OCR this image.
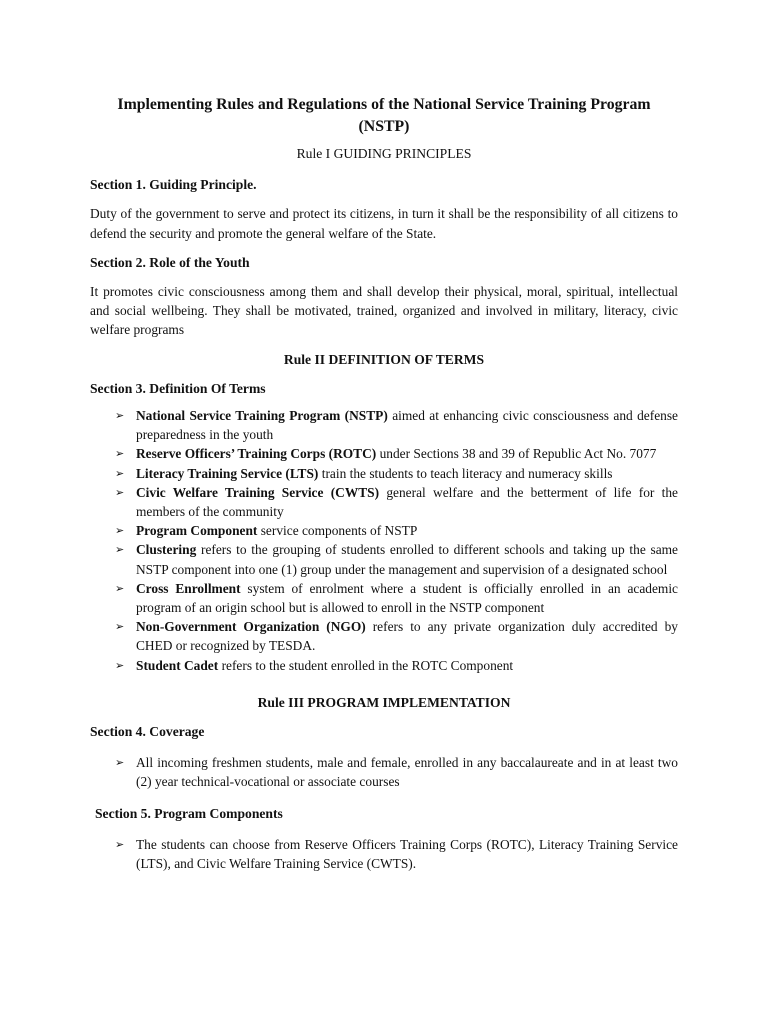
Implementing Rules and Regulations of the National Service Training Program (NSTP)

Rule I GUIDING PRINCIPLES

Section 1. Guiding Principle.

Duty of the government to serve and protect its citizens, in turn it shall be the responsibility of all citizens to defend the security and promote the general welfare of the State.

Section 2. Role of the Youth

It promotes civic consciousness among them and shall develop their physical, moral, spiritual, intellectual and social wellbeing. They shall be motivated, trained, organized and involved in military, literacy, civic welfare programs

Rule II DEFINITION OF TERMS

Section 3. Definition Of Terms

➢ National Service Training Program (NSTP) aimed at enhancing civic consciousness and defense preparedness in the youth
➢ Reserve Officers’ Training Corps (ROTC) under Sections 38 and 39 of Republic Act No. 7077
➢ Literacy Training Service (LTS) train the students to teach literacy and numeracy skills
➢ Civic Welfare Training Service (CWTS) general welfare and the betterment of life for the members of the community
➢ Program Component service components of NSTP
➢ Clustering refers to the grouping of students enrolled to different schools and taking up the same NSTP component into one (1) group under the management and supervision of a designated school
➢ Cross Enrollment system of enrolment where a student is officially enrolled in an academic program of an origin school but is allowed to enroll in the NSTP component
➢ Non-Government Organization (NGO) refers to any private organization duly accredited by CHED or recognized by TESDA.
➢ Student Cadet refers to the student enrolled in the ROTC Component

Rule III PROGRAM IMPLEMENTATION

Section 4. Coverage

➢ All incoming freshmen students, male and female, enrolled in any baccalaureate and in at least two (2) year technical-vocational or associate courses

Section 5. Program Components

➢ The students can choose from Reserve Officers Training Corps (ROTC), Literacy Training Service (LTS), and Civic Welfare Training Service (CWTS).
